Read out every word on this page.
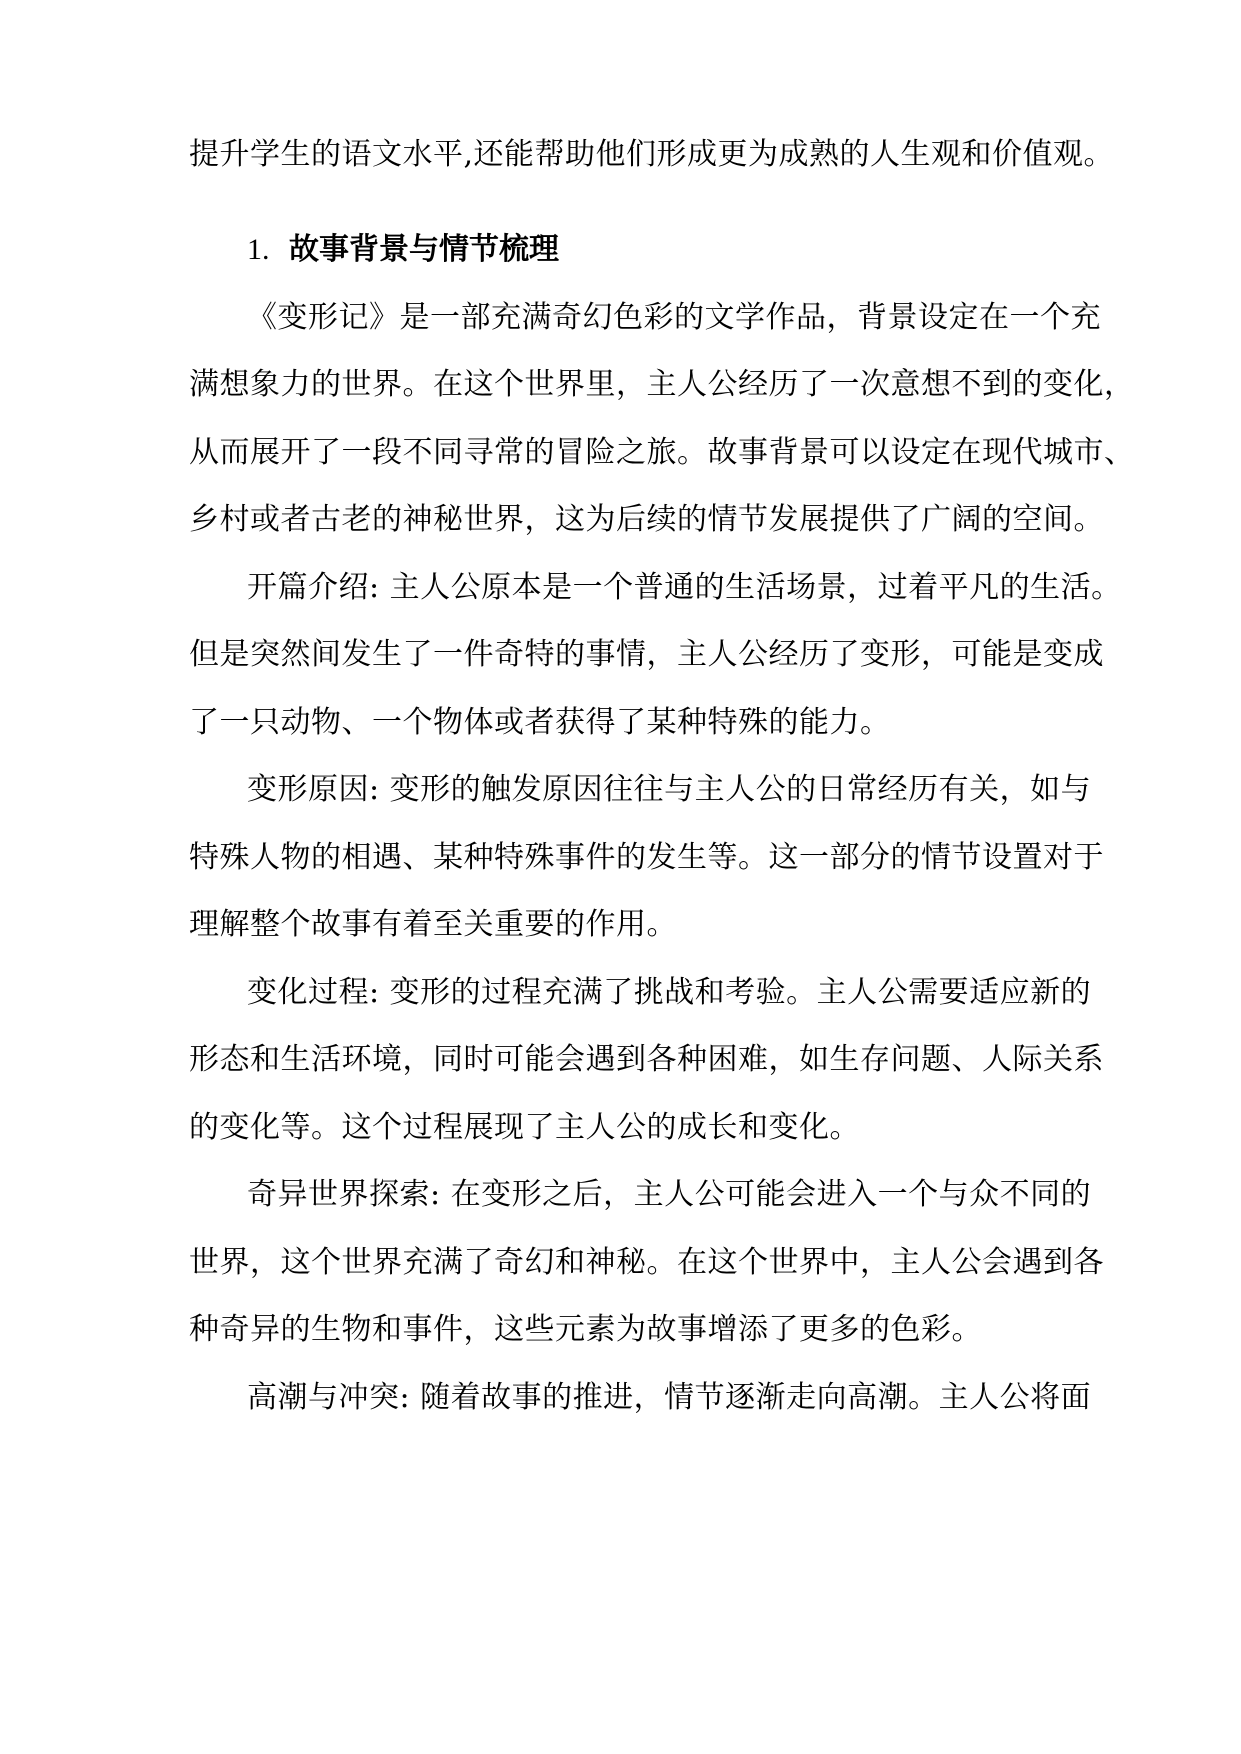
提升学生的语文水平,还能帮助他们形成更为成熟的人生观和价值观。
1. 故事背景与情节梳理
《变形记》是一部充满奇幻色彩的文学作品，背景设定在一个充
满想象力的世界。在这个世界里，主人公经历了一次意想不到的变化，
从而展开了一段不同寻常的冒险之旅。故事背景可以设定在现代城市、
乡村或者古老的神秘世界，这为后续的情节发展提供了广阔的空间。
开篇介绍: 主人公原本是一个普通的生活场景，过着平凡的生活。
但是突然间发生了一件奇特的事情，主人公经历了变形，可能是变成
了一只动物、一个物体或者获得了某种特殊的能力。
变形原因: 变形的触发原因往往与主人公的日常经历有关，如与
特殊人物的相遇、某种特殊事件的发生等。这一部分的情节设置对于
理解整个故事有着至关重要的作用。
变化过程: 变形的过程充满了挑战和考验。主人公需要适应新的
形态和生活环境，同时可能会遇到各种困难，如生存问题、人际关系
的变化等。这个过程展现了主人公的成长和变化。
奇异世界探索: 在变形之后，主人公可能会进入一个与众不同的
世界，这个世界充满了奇幻和神秘。在这个世界中，主人公会遇到各
种奇异的生物和事件，这些元素为故事增添了更多的色彩。
高潮与冲突: 随着故事的推进，情节逐渐走向高潮。主人公将面
